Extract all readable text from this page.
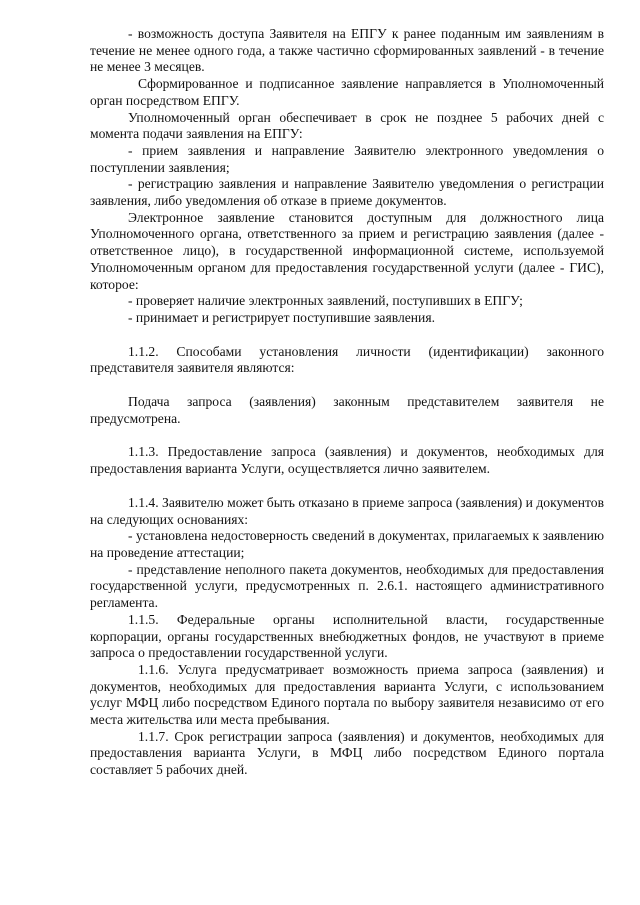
- возможность доступа Заявителя на ЕПГУ к ранее поданным им заявлениям в течение не менее одного года, а также частично сформированных заявлений - в течение не менее 3 месяцев.

Сформированное и подписанное заявление направляется в Уполномоченный орган посредством ЕПГУ.

Уполномоченный орган обеспечивает в срок не позднее 5 рабочих дней с момента подачи заявления на ЕПГУ:

- прием заявления и направление Заявителю электронного уведомления о поступлении заявления;

- регистрацию заявления и направление Заявителю уведомления о регистрации заявления, либо уведомления об отказе в приеме документов.

Электронное заявление становится доступным для должностного лица Уполномоченного органа, ответственного за прием и регистрацию заявления (далее - ответственное лицо), в государственной информационной системе, используемой Уполномоченным органом для предоставления государственной услуги (далее - ГИС), которое:

- проверяет наличие электронных заявлений, поступивших в ЕПГУ;

- принимает и регистрирует поступившие заявления.

1.1.2. Способами установления личности (идентификации) законного представителя заявителя являются:

Подача запроса (заявления) законным представителем заявителя не предусмотрена.

1.1.3. Предоставление запроса (заявления) и документов, необходимых для предоставления варианта Услуги, осуществляется лично заявителем.

1.1.4. Заявителю может быть отказано в приеме запроса (заявления) и документов на следующих основаниях:

- установлена недостоверность сведений в документах, прилагаемых к заявлению на проведение аттестации;

- представление неполного пакета документов, необходимых для предоставления государственной услуги, предусмотренных п. 2.6.1. настоящего административного регламента.

1.1.5. Федеральные органы исполнительной власти, государственные корпорации, органы государственных внебюджетных фондов, не участвуют в приеме запроса о предоставлении государственной услуги.

1.1.6. Услуга предусматривает возможность приема запроса (заявления) и документов, необходимых для предоставления варианта Услуги, с использованием услуг МФЦ либо посредством Единого портала по выбору заявителя независимо от его места жительства или места пребывания.

1.1.7. Срок регистрации запроса (заявления) и документов, необходимых для предоставления варианта Услуги, в МФЦ либо посредством Единого портала составляет 5 рабочих дней.
